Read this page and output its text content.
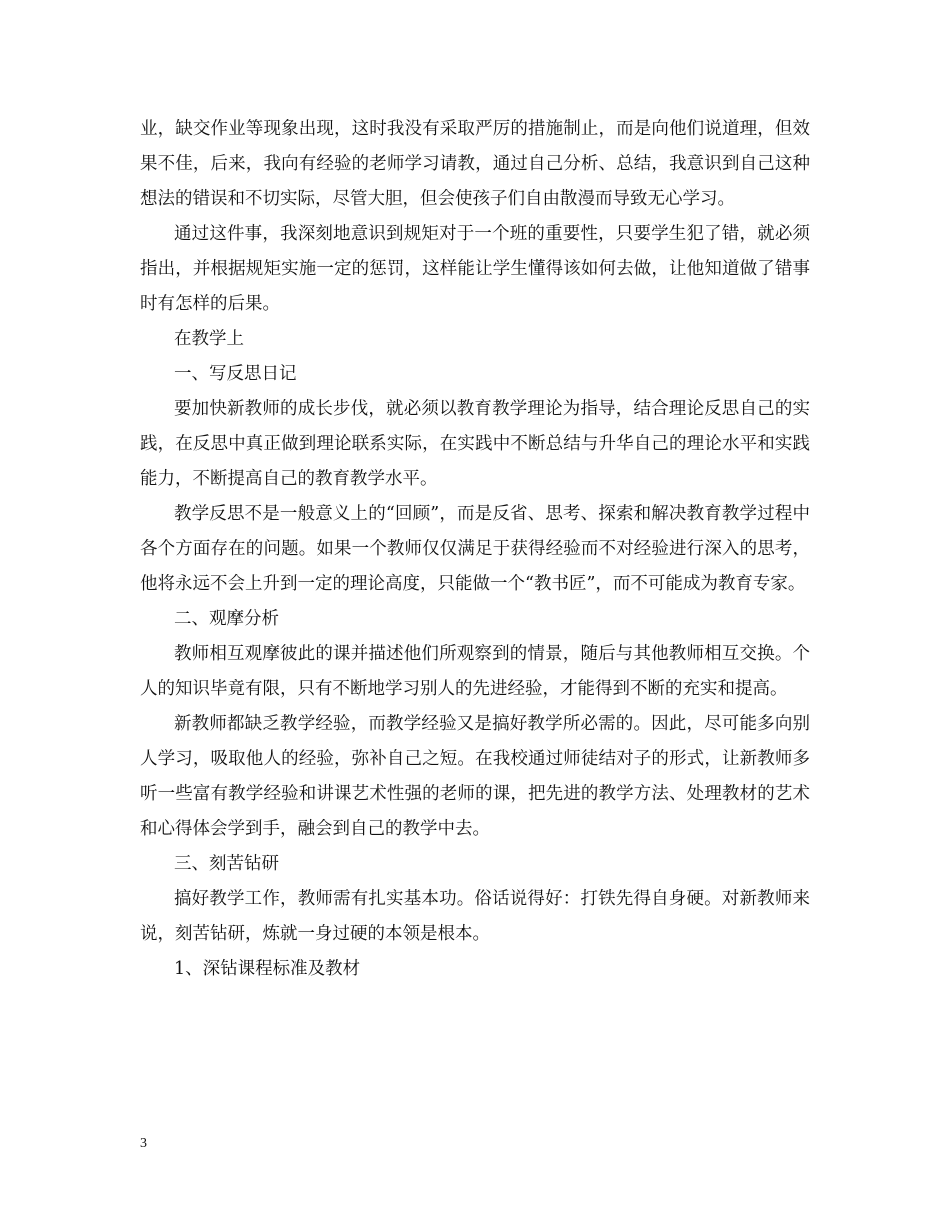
业，缺交作业等现象出现，这时我没有采取严厉的措施制止，而是向他们说道理，但效果不佳，后来，我向有经验的老师学习请教，通过自己分析、总结，我意识到自己这种想法的错误和不切实际，尽管大胆，但会使孩子们自由散漫而导致无心学习。

通过这件事，我深刻地意识到规矩对于一个班的重要性，只要学生犯了错，就必须指出，并根据规矩实施一定的惩罚，这样能让学生懂得该如何去做，让他知道做了错事时有怎样的后果。

在教学上

一、写反思日记

要加快新教师的成长步伐，就必须以教育教学理论为指导，结合理论反思自己的实践，在反思中真正做到理论联系实际，在实践中不断总结与升华自己的理论水平和实践能力，不断提高自己的教育教学水平。

教学反思不是一般意义上的“回顾”，而是反省、思考、探索和解决教育教学过程中各个方面存在的问题。如果一个教师仅仅满足于获得经验而不对经验进行深入的思考，他将永远不会上升到一定的理论高度，只能做一个“教书匠”，而不可能成为教育专家。

二、观摩分析

教师相互观摩彼此的课并描述他们所观察到的情景，随后与其他教师相互交换。个人的知识毕竟有限，只有不断地学习别人的先进经验，才能得到不断的充实和提高。

新教师都缺乏教学经验，而教学经验又是搞好教学所必需的。因此，尽可能多向别人学习，吸取他人的经验，弥补自己之短。在我校通过师徒结对子的形式，让新教师多听一些富有教学经验和讲课艺术性强的老师的课，把先进的教学方法、处理教材的艺术和心得体会学到手，融会到自己的教学中去。

三、刻苦钻研

搞好教学工作，教师需有扎实基本功。俗话说得好：打铁先得自身硬。对新教师来说，刻苦钻研，炼就一身过硬的本领是根本。

1、深钻课程标准及教材

3
